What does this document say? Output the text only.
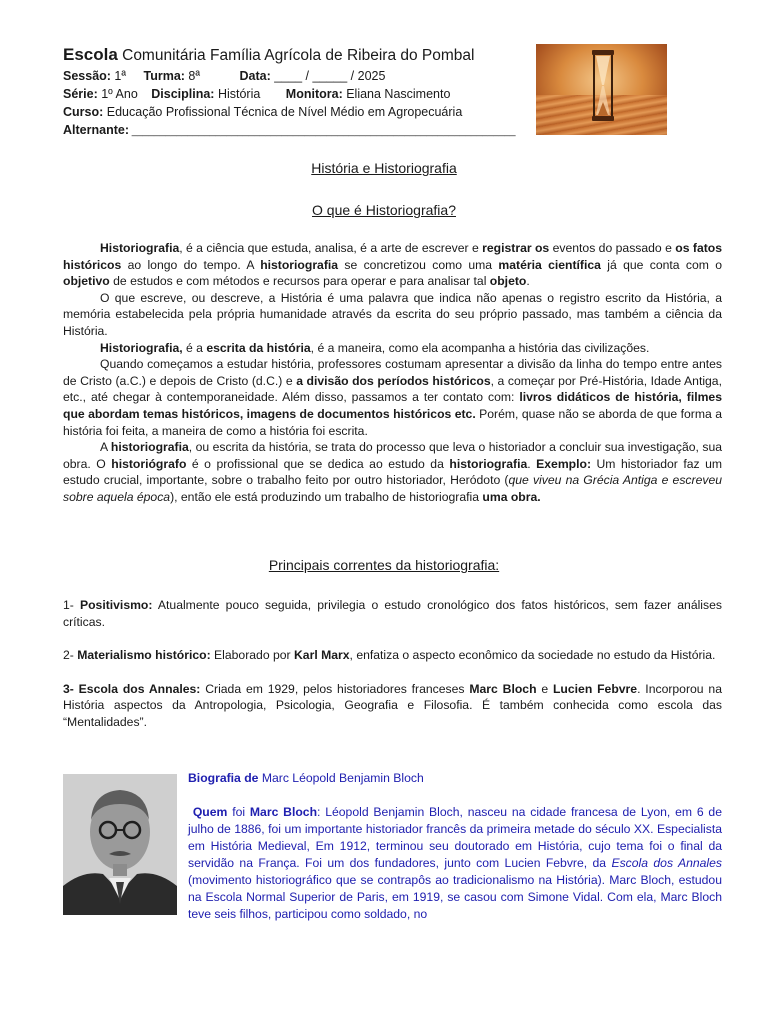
Escola Comunitária Família Agrícola de Ribeira do Pombal
Sessão: 1ª Turma: 8ª	Data: ____ / _____ / 2025
Série: 1º Ano Disciplina: História Monitora: Eliana Nascimento
Curso: Educação Profissional Técnica de Nível Médio em Agropecuária
Alternante: _____________________________________________________________________
História e Historiografia
O que é Historiografia?

Historiografia, é a ciência que estuda, analisa, é a arte de escrever e registrar os eventos do passado e os fatos históricos ao longo do tempo. A historiografia se concretizou como uma matéria científica já que conta com o objetivo de estudos e com métodos e recursos para operar e para analisar tal objeto.

O que escreve, ou descreve, a História é uma palavra que indica não apenas o registro escrito da História, a memória estabelecida pela própria humanidade através da escrita do seu próprio passado, mas também a ciência da História.

Historiografia, é a escrita da história, é a maneira, como ela acompanha a história das civilizações.

Quando começamos a estudar história, professores costumam apresentar a divisão da linha do tempo entre antes de Cristo (a.C.) e depois de Cristo (d.C.) e a divisão dos períodos históricos, a começar por Pré-História, Idade Antiga, etc., até chegar à contemporaneidade. Além disso, passamos a ter contato com: livros didáticos de história, filmes que abordam temas históricos, imagens de documentos históricos etc. Porém, quase não se aborda de que forma a história foi feita, a maneira de como a história foi escrita.

A historiografia, ou escrita da história, se trata do processo que leva o historiador a concluir sua investigação, sua obra. O historiógrafo é o profissional que se dedica ao estudo da historiografia. Exemplo: Um historiador faz um estudo crucial, importante, sobre o trabalho feito por outro historiador, Heródoto (que viveu na Grécia Antiga e escreveu sobre aquela época), então ele está produzindo um trabalho de historiografia uma obra.

Principais correntes da historiografia:

1- Positivismo: Atualmente pouco seguida, privilegia o estudo cronológico dos fatos históricos, sem fazer análises críticas.

2- Materialismo histórico: Elaborado por Karl Marx, enfatiza o aspecto econômico da sociedade no estudo da História.

3- Escola dos Annales: Criada em 1929, pelos historiadores franceses Marc Bloch e Lucien Febvre. Incorporou na História aspectos da Antropologia, Psicologia, Geografia e Filosofia. É também conhecida como escola das “Mentalidades”.

Biografia de Marc Léopold Benjamin Bloch

Quem foi Marc Bloch: Léopold Benjamin Bloch, nasceu na cidade francesa de Lyon, em 6 de julho de 1886, foi um importante historiador francês da primeira metade do século XX. Especialista em História Medieval, Em 1912, terminou seu doutorado em História, cujo tema foi o final da servidão na França. Foi um dos fundadores, junto com Lucien Febvre, da Escola dos Annales (movimento historiográfico que se contrapôs ao tradicionalismo na História). Marc Bloch, estudou na Escola Normal Superior de Paris, em 1919, se casou com Simone Vidal. Com ela, Marc Bloch teve seis filhos, participou como soldado, no
